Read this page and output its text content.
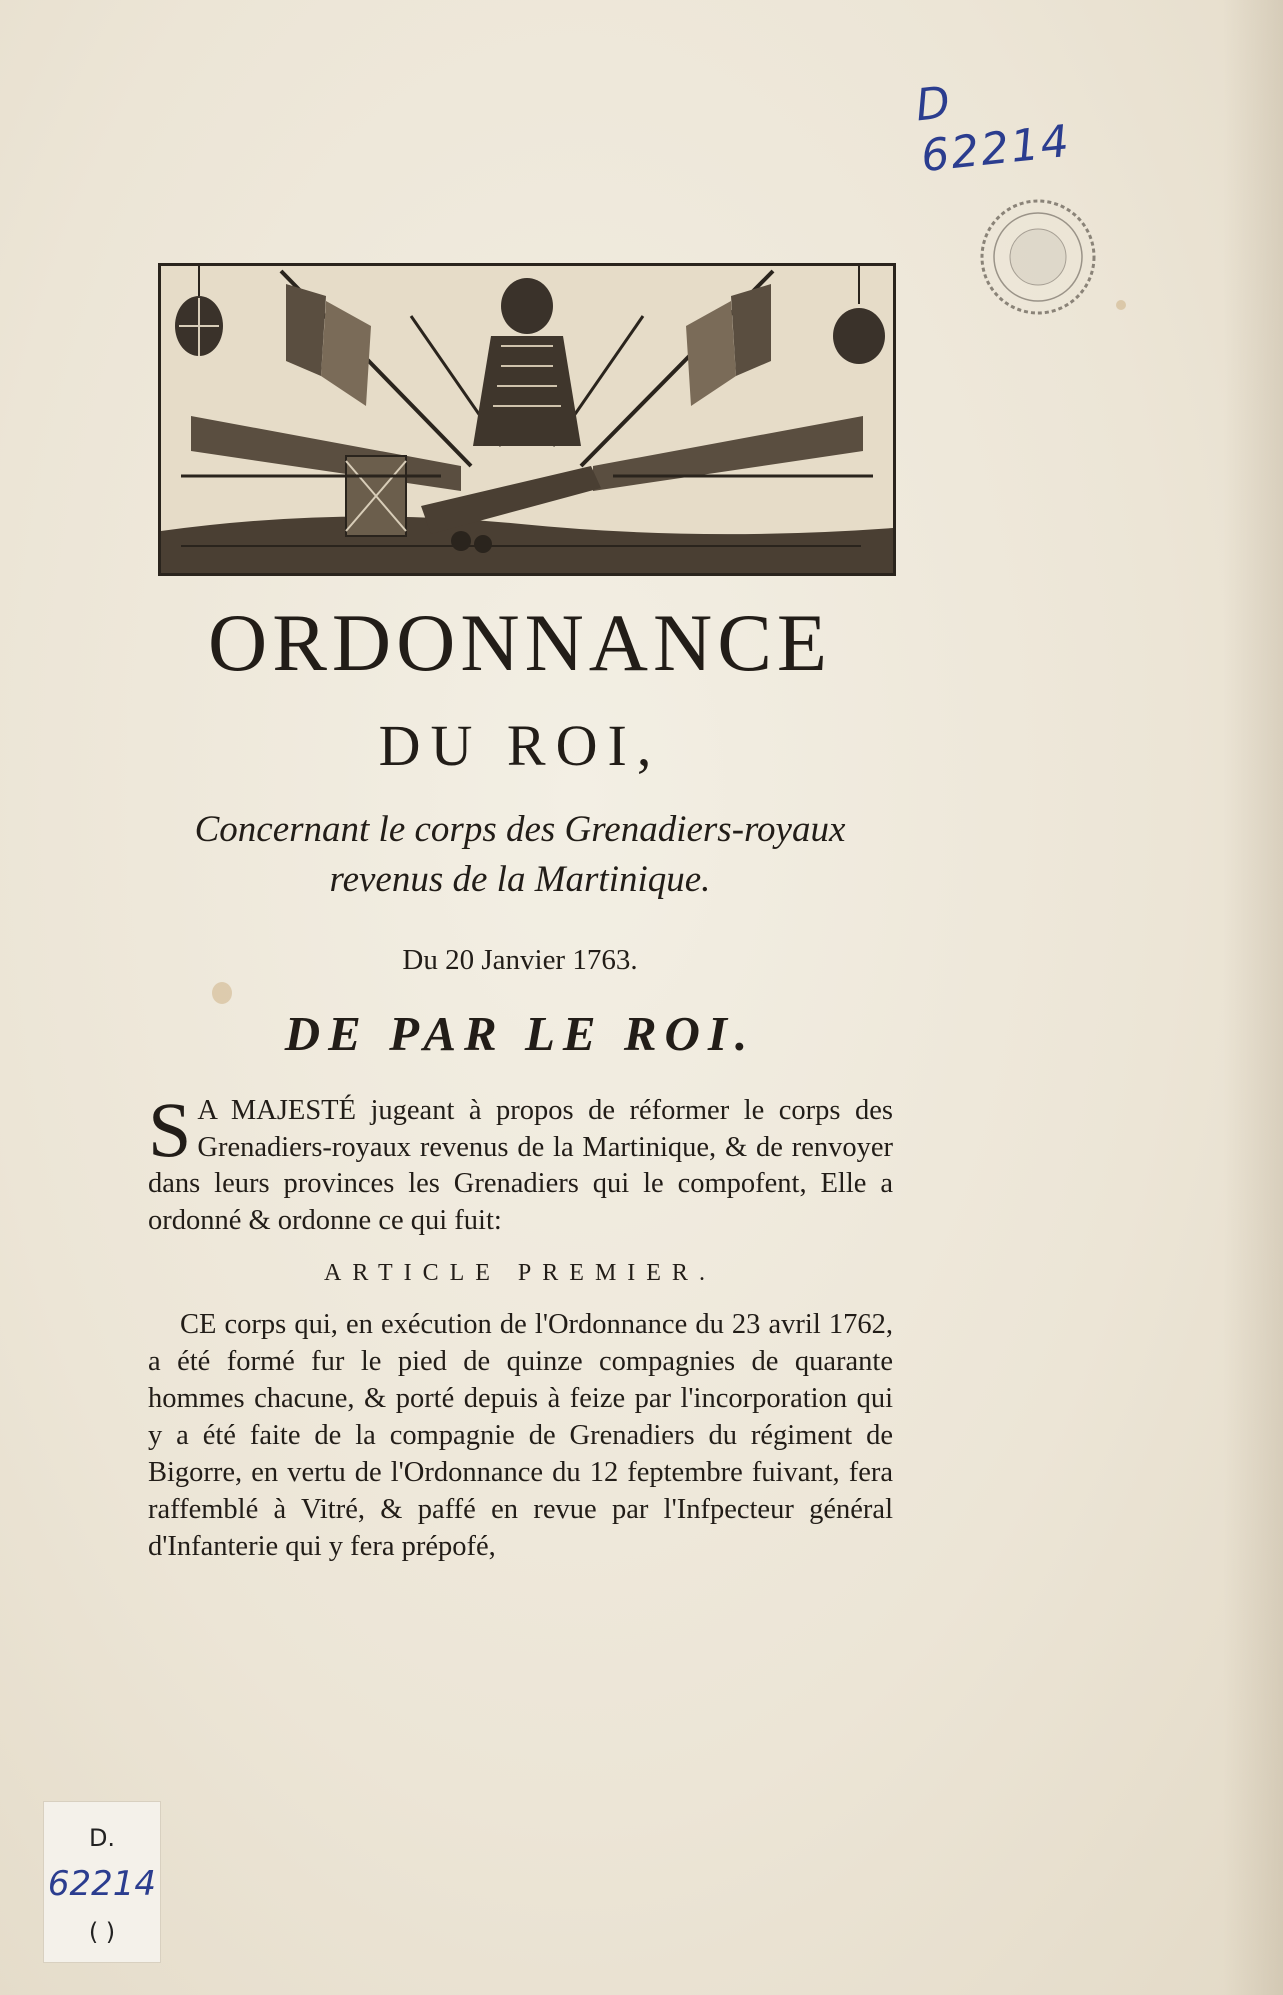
D 62214
ORDONNANCE
DU ROI,
Concernant le corps des Grenadiers-royaux
revenus de la Martinique.
Du 20 Janvier 1763.
DE PAR LE ROI.
S A MAJESTÉ jugeant à propos de réformer le corps des Grenadiers-royaux revenus de la Martinique, & de renvoyer dans leurs provinces les Grenadiers qui le compofent, Elle a ordonné & ordonne ce qui fuit:
ARTICLE PREMIER.

CE corps qui, en exécution de l'Ordonnance du 23 avril 1762, a été formé fur le pied de quinze compagnies de quarante hommes chacune, & porté depuis à feize par l'incorporation qui y a été faite de la compagnie de Grenadiers du régiment de Bigorre, en vertu de l'Ordonnance du 12 feptembre fuivant, fera raffemblé à Vitré, & paffé en revue par l'Infpecteur général d'Infanterie qui y fera prépofé,

D.
62214
( )
